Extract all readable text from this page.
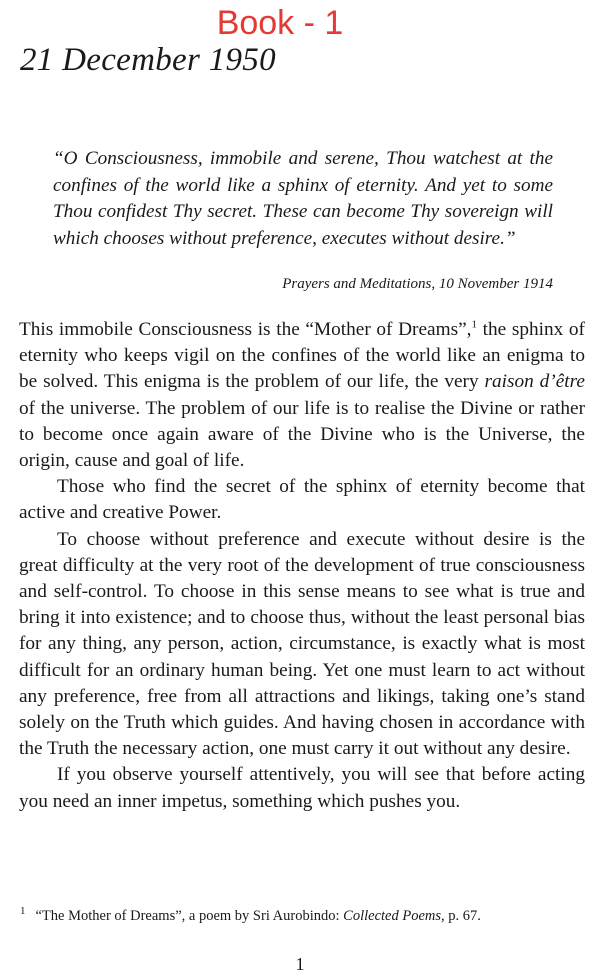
Book - 1
21 December 1950

“O Consciousness, immobile and serene, Thou watchest at the confines of the world like a sphinx of eternity. And yet to some Thou confidest Thy secret. These can become Thy sovereign will which chooses without preference, executes without desire.”

Prayers and Meditations, 10 November 1914

This immobile Consciousness is the “Mother of Dreams”,$^1$ the sphinx of eternity who keeps vigil on the confines of the world like an enigma to be solved. This enigma is the problem of our life, the very raison d’être of the universe. The problem of our life is to realise the Divine or rather to become once again aware of the Divine who is the Universe, the origin, cause and goal of life.

Those who find the secret of the sphinx of eternity become that active and creative Power.

To choose without preference and execute without desire is the great difficulty at the very root of the development of true consciousness and self-control. To choose in this sense means to see what is true and bring it into existence; and to choose thus, without the least personal bias for any thing, any person, action, circumstance, is exactly what is most difficult for an ordinary human being. Yet one must learn to act without any preference, free from all attractions and likings, taking one’s stand solely on the Truth which guides. And having chosen in accordance with the Truth the necessary action, one must carry it out without any desire.

If you observe yourself attentively, you will see that before acting you need an inner impetus, something which pushes you.

$^1$ “The Mother of Dreams”, a poem by Sri Aurobindo: Collected Poems, p. 67.

1
